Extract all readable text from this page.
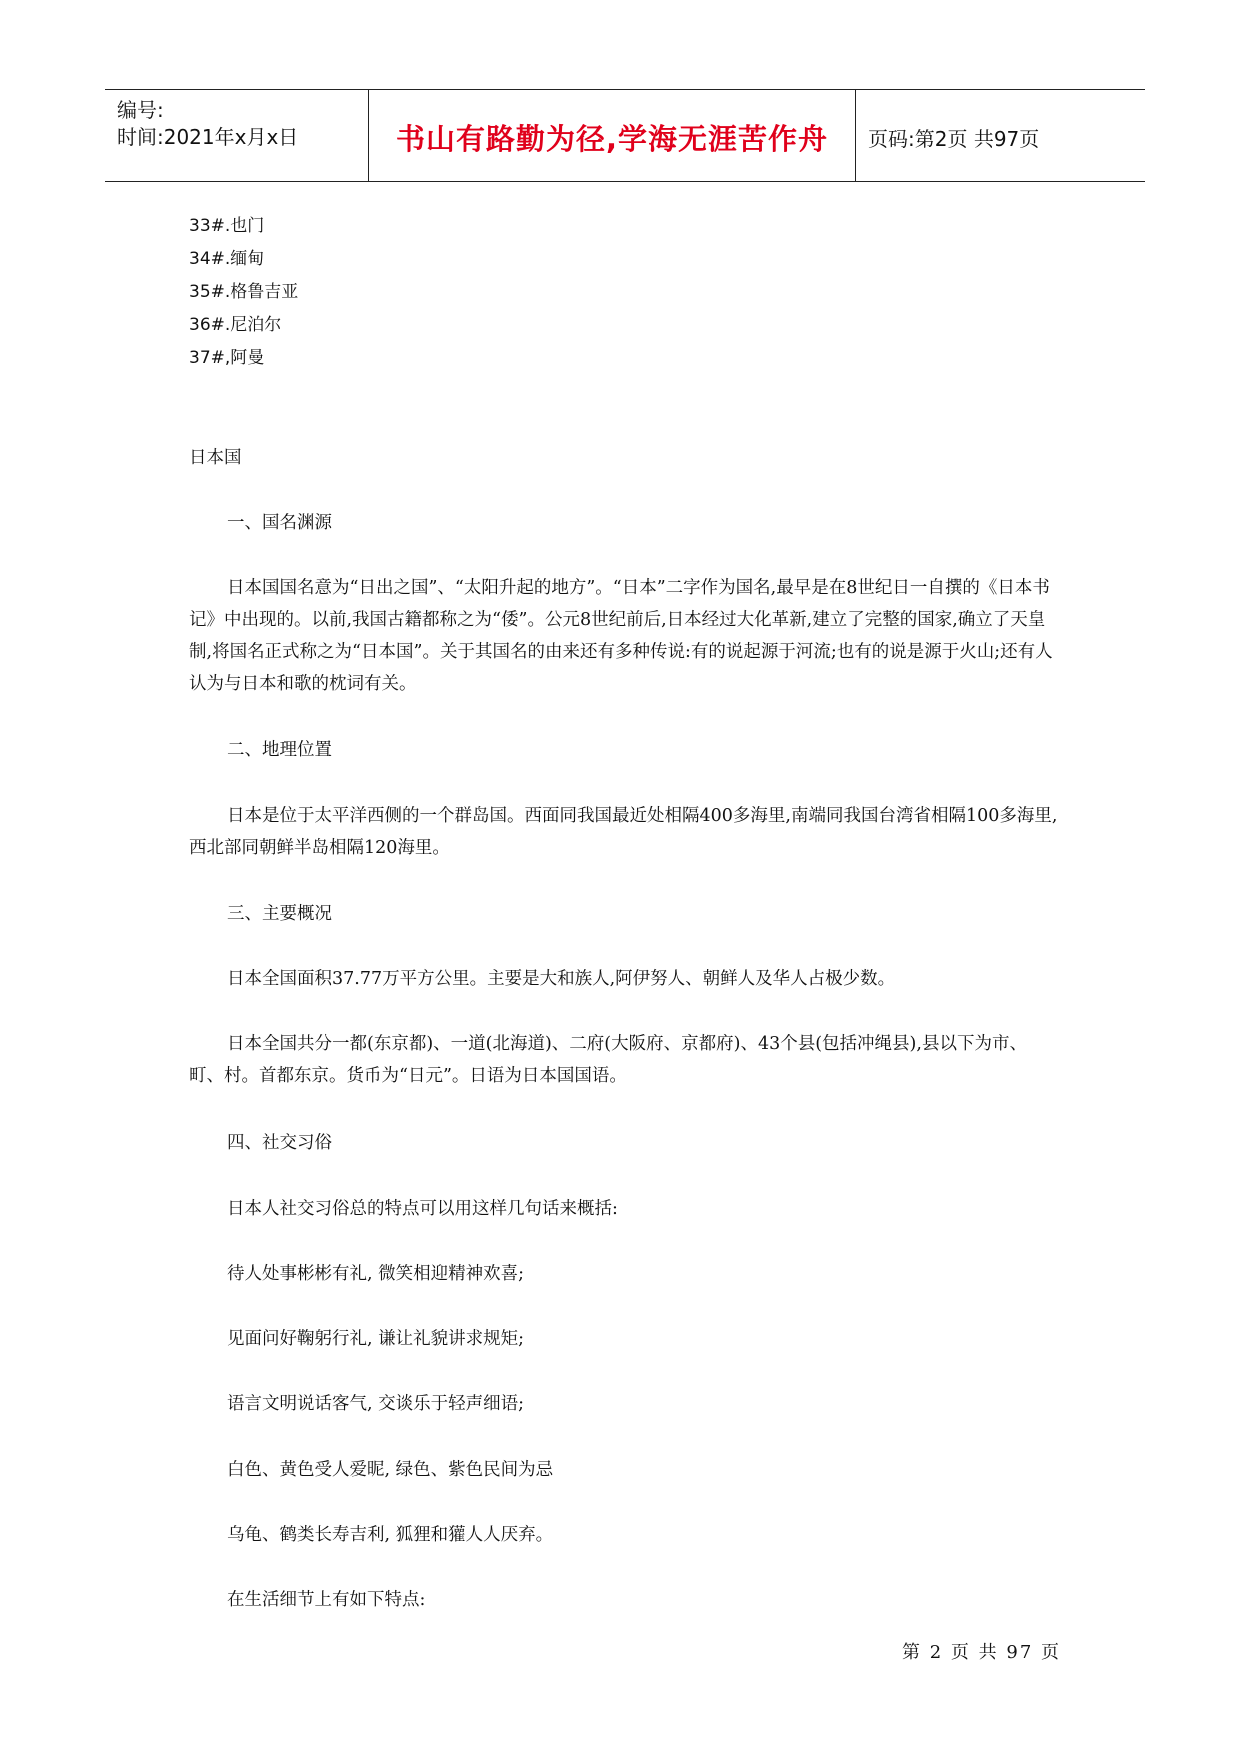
编号:
时间:2021年x月x日	书山有路勤为径,学海无涯苦作舟	页码:第2页 共97页
33#.也门
34#.缅甸
35#.格鲁吉亚
36#.尼泊尔
37#,阿曼
日本国
一、国名渊源
日本国国名意为“日出之国”、“太阳升起的地方”。“日本”二字作为国名,最早是在8世纪日一自撰的《日本书记》中出现的。以前,我国古籍都称之为“倭”。公元8世纪前后,日本经过大化革新,建立了完整的国家,确立了天皇制,将国名正式称之为“日本国”。关于其国名的由来还有多种传说:有的说起源于河流;也有的说是源于火山;还有人认为与日本和歌的枕词有关。
二、地理位置
日本是位于太平洋西侧的一个群岛国。西面同我国最近处相隔400多海里,南端同我国台湾省相隔100多海里,西北部同朝鲜半岛相隔120海里。
三、主要概况
日本全国面积37.77万平方公里。主要是大和族人,阿伊努人、朝鲜人及华人占极少数。
日本全国共分一都(东京都)、一道(北海道)、二府(大阪府、京都府)、43个县(包括冲绳县),县以下为市、町、村。首都东京。货币为“日元”。日语为日本国国语。
四、社交习俗
日本人社交习俗总的特点可以用这样几句话来概括:
待人处事彬彬有礼, 微笑相迎精神欢喜;
见面问好鞠躬行礼, 谦让礼貌讲求规矩;
语言文明说话客气, 交谈乐于轻声细语;
白色、黄色受人爱昵, 绿色、紫色民间为忌
乌龟、鹤类长寿吉利, 狐狸和獾人人厌弃。
在生活细节上有如下特点:
第 2 页 共 97 页
